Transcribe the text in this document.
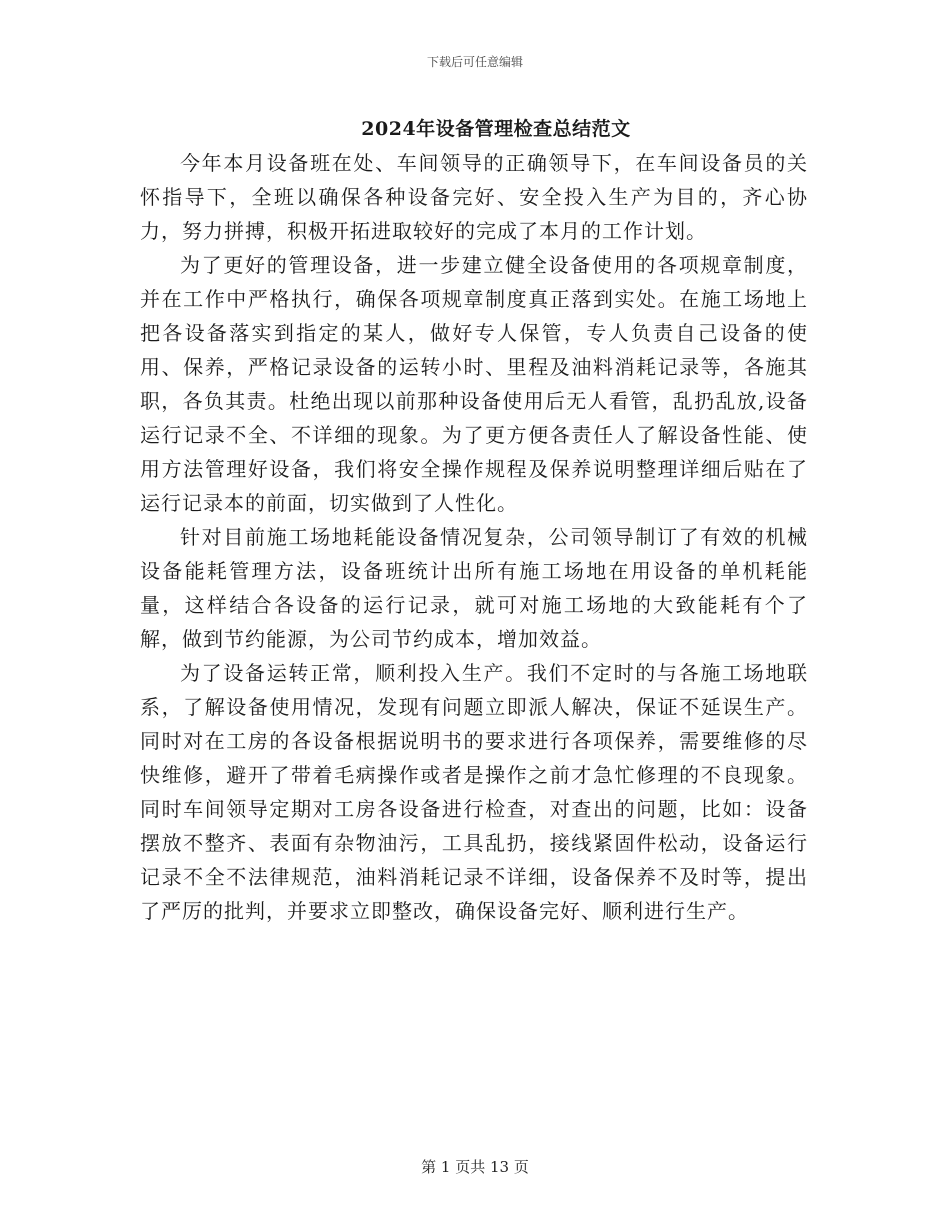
下载后可任意编辑
2024年设备管理检查总结范文

今年本月设备班在处、车间领导的正确领导下，在车间设备员的关怀指导下，全班以确保各种设备完好、安全投入生产为目的，齐心协力，努力拼搏，积极开拓进取较好的完成了本月的工作计划。

为了更好的管理设备，进一步建立健全设备使用的各项规章制度，并在工作中严格执行，确保各项规章制度真正落到实处。在施工场地上把各设备落实到指定的某人，做好专人保管，专人负责自己设备的使用、保养，严格记录设备的运转小时、里程及油料消耗记录等，各施其职，各负其责。杜绝出现以前那种设备使用后无人看管，乱扔乱放,设备运行记录不全、不详细的现象。为了更方便各责任人了解设备性能、使用方法管理好设备，我们将安全操作规程及保养说明整理详细后贴在了运行记录本的前面，切实做到了人性化。

针对目前施工场地耗能设备情况复杂，公司领导制订了有效的机械设备能耗管理方法，设备班统计出所有施工场地在用设备的单机耗能量，这样结合各设备的运行记录，就可对施工场地的大致能耗有个了解，做到节约能源，为公司节约成本，增加效益。

为了设备运转正常，顺利投入生产。我们不定时的与各施工场地联系，了解设备使用情况，发现有问题立即派人解决，保证不延误生产。同时对在工房的各设备根据说明书的要求进行各项保养，需要维修的尽快维修，避开了带着毛病操作或者是操作之前才急忙修理的不良现象。同时车间领导定期对工房各设备进行检查，对查出的问题，比如：设备摆放不整齐、表面有杂物油污，工具乱扔，接线紧固件松动，设备运行记录不全不法律规范，油料消耗记录不详细，设备保养不及时等，提出了严厉的批判，并要求立即整改，确保设备完好、顺利进行生产。

第 1 页共 13 页
